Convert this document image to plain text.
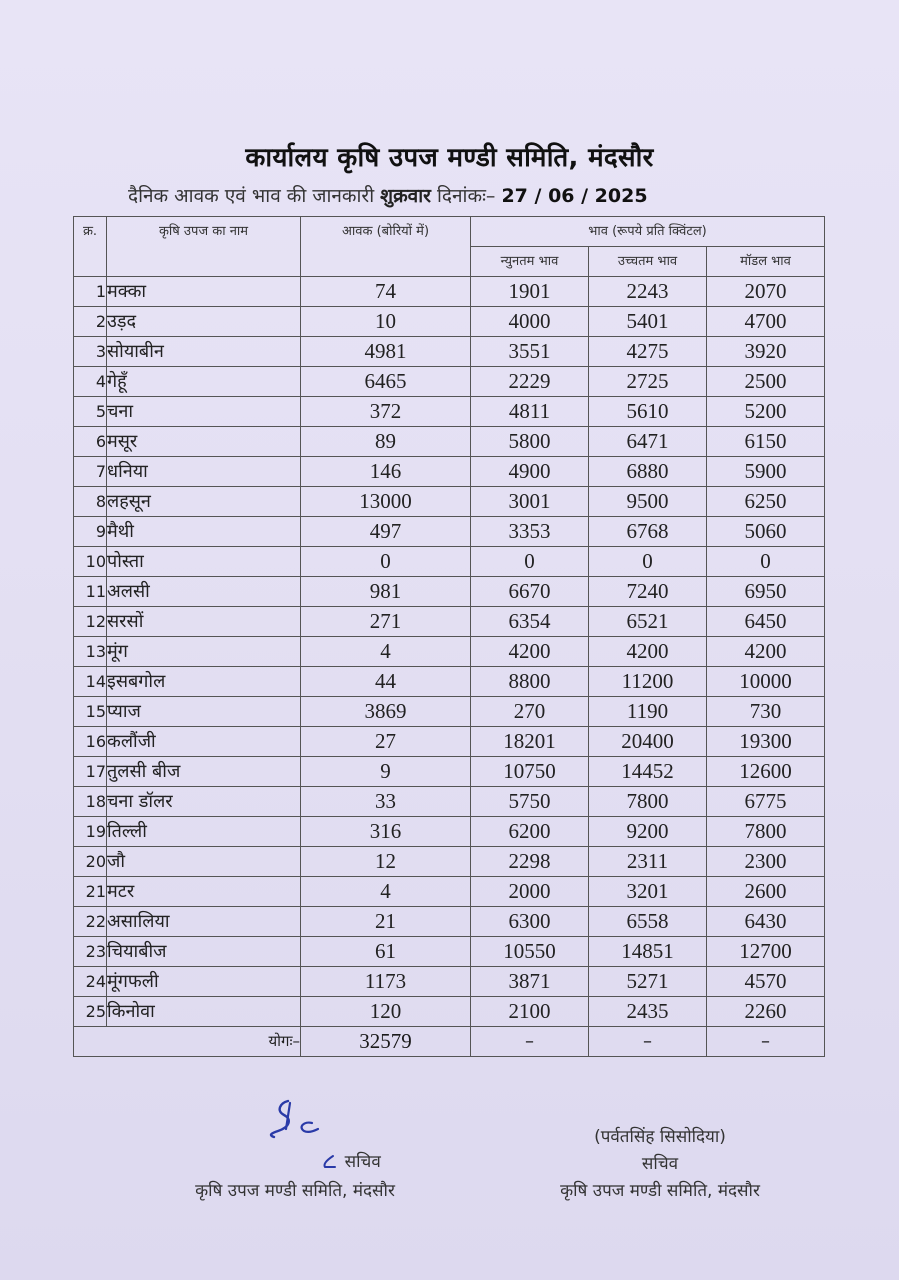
कार्यालय कृषि उपज मण्डी समिति, मंदसौर
दैनिक आवक एवं भाव की जानकारी शुक्रवार दिनांकः– 27 / 06 / 2025
क्र.	कृषि उपज का नाम	आवक (बोरियों में)	भाव (रूपये प्रति क्विंटल)		
			न्युनतम भाव	उच्चतम भाव	मॉडल भाव
1	मक्का	74	1901	2243	2070
2	उड़द	10	4000	5401	4700
3	सोयाबीन	4981	3551	4275	3920
4	गेहूँ	6465	2229	2725	2500
5	चना	372	4811	5610	5200
6	मसूर	89	5800	6471	6150
7	धनिया	146	4900	6880	5900
8	लहसून	13000	3001	9500	6250
9	मैथी	497	3353	6768	5060
10	पोस्ता	0	0	0	0
11	अलसी	981	6670	7240	6950
12	सरसों	271	6354	6521	6450
13	मूंग	4	4200	4200	4200
14	इसबगोल	44	8800	11200	10000
15	प्याज	3869	270	1190	730
16	कलौंजी	27	18201	20400	19300
17	तुलसी बीज	9	10750	14452	12600
18	चना डॉलर	33	5750	7800	6775
19	तिल्ली	316	6200	9200	7800
20	जौ	12	2298	2311	2300
21	मटर	4	2000	3201	2600
22	असालिया	21	6300	6558	6430
23	चियाबीज	61	10550	14851	12700
24	मूंगफली	1173	3871	5271	4570
25	किनोवा	120	2100	2435	2260
योगः–		32579	–	–	–
सचिव
कृषि उपज मण्डी समिति, मंदसौर
(पर्वतसिंह सिसोदिया)
सचिव
कृषि उपज मण्डी समिति, मंदसौर
